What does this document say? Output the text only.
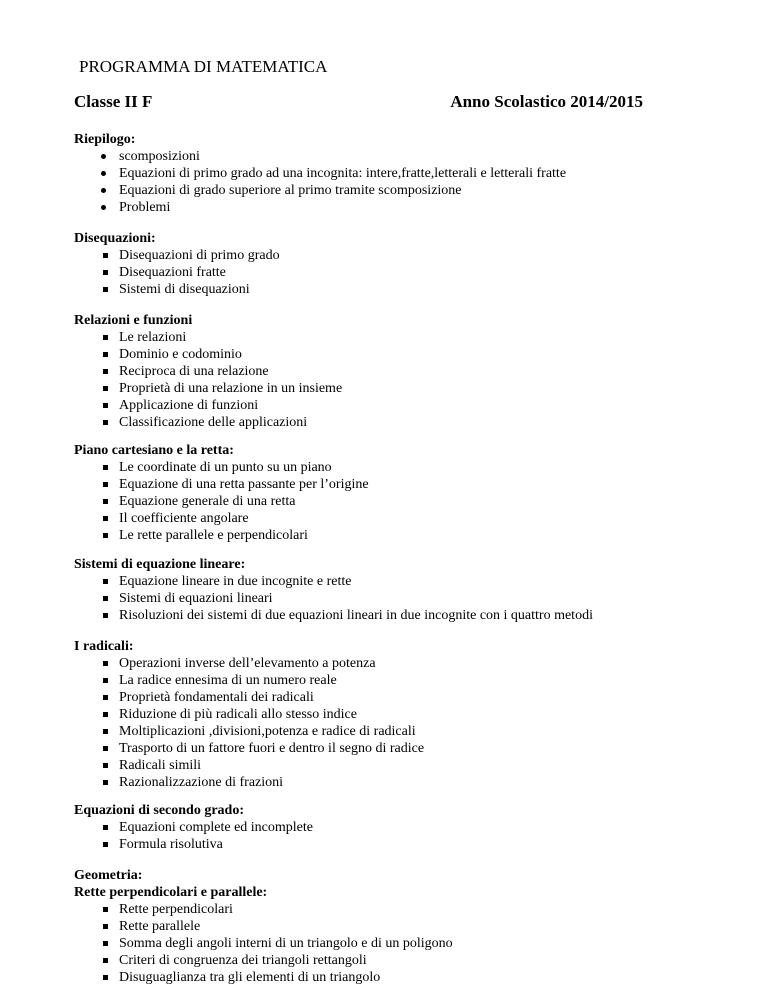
PROGRAMMA DI MATEMATICA
Classe II F	Anno Scolastico 2014/2015
Riepilogo:
scomposizioni
Equazioni di primo grado ad una incognita: intere,fratte,letterali e letterali fratte
Equazioni di grado superiore al primo tramite scomposizione
Problemi
Disequazioni:
Disequazioni di primo grado
Disequazioni fratte
Sistemi di disequazioni
Relazioni e funzioni
Le relazioni
Dominio e codominio
Reciproca di una relazione
Proprietà di una relazione in un insieme
Applicazione di funzioni
Classificazione delle applicazioni
Piano cartesiano e la retta:
Le coordinate di un punto su un piano
Equazione di una retta passante per l’origine
Equazione generale di una retta
Il coefficiente angolare
Le rette parallele e perpendicolari
Sistemi di equazione lineare:
Equazione lineare in due incognite e rette
Sistemi di equazioni lineari
Risoluzioni dei sistemi di due equazioni lineari in due incognite con i quattro metodi
I radicali:
Operazioni inverse dell’elevamento a potenza
La radice ennesima di un numero reale
Proprietà fondamentali dei radicali
Riduzione di più radicali allo stesso indice
Moltiplicazioni ,divisioni,potenza e radice di radicali
Trasporto di un fattore fuori e dentro il segno di radice
Radicali simili
Razionalizzazione di frazioni
Equazioni di secondo grado:
Equazioni complete ed incomplete
Formula risolutiva
Geometria:
Rette perpendicolari e parallele:
Rette perpendicolari
Rette parallele
Somma degli angoli interni di un triangolo e di un poligono
Criteri di congruenza dei triangoli rettangoli
Disuguaglianza tra gli elementi di un triangolo
